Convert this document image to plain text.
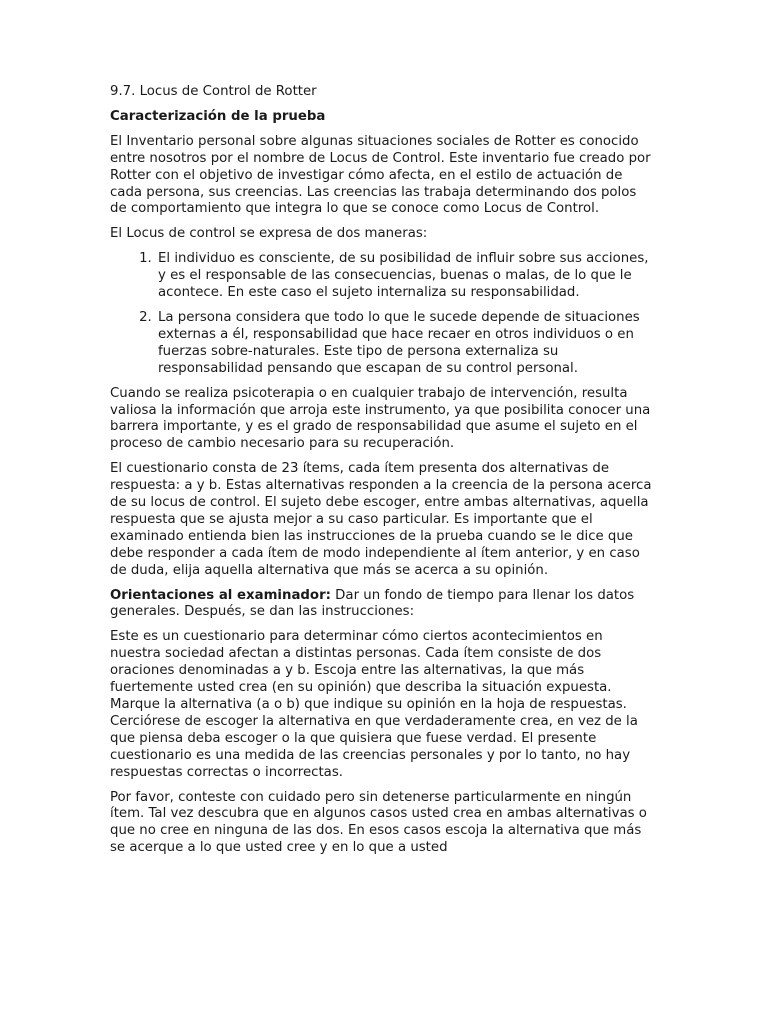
9.7. Locus de Control de Rotter
Caracterización de la prueba

El Inventario personal sobre algunas situaciones sociales de Rotter es conocido entre nosotros por el nombre de Locus de Control. Este inventario fue creado por Rotter con el objetivo de investigar cómo afecta, en el estilo de actuación de cada persona, sus creencias. Las creencias las trabaja determinando dos polos de comportamiento que integra lo que se conoce como Locus de Control.

El Locus de control se expresa de dos maneras:

1. El individuo es consciente, de su posibilidad de influir sobre sus acciones, y es el responsable de las consecuencias, buenas o malas, de lo que le acontece. En este caso el sujeto internaliza su responsabilidad.
2. La persona considera que todo lo que le sucede depende de situaciones externas a él, responsabilidad que hace recaer en otros individuos o en fuerzas sobre-naturales. Este tipo de persona externaliza su responsabilidad pensando que escapan de su control personal.

Cuando se realiza psicoterapia o en cualquier trabajo de intervención, resulta valiosa la información que arroja este instrumento, ya que posibilita conocer una barrera importante, y es el grado de responsabilidad que asume el sujeto en el proceso de cambio necesario para su recuperación.

El cuestionario consta de 23 ítems, cada ítem presenta dos alternativas de respuesta: a y b. Estas alternativas responden a la creencia de la persona acerca de su locus de control. El sujeto debe escoger, entre ambas alternativas, aquella respuesta que se ajusta mejor a su caso particular. Es importante que el examinado entienda bien las instrucciones de la prueba cuando se le dice que debe responder a cada ítem de modo independiente al ítem anterior, y en caso de duda, elija aquella alternativa que más se acerca a su opinión.

Orientaciones al examinador: Dar un fondo de tiempo para llenar los datos generales. Después, se dan las instrucciones:

Este es un cuestionario para determinar cómo ciertos acontecimientos en nuestra sociedad afectan a distintas personas. Cada ítem consiste de dos oraciones denominadas a y b. Escoja entre las alternativas, la que más fuertemente usted crea (en su opinión) que describa la situación expuesta. Marque la alternativa (a o b) que indique su opinión en la hoja de respuestas. Cerciórese de escoger la alternativa en que verdaderamente crea, en vez de la que piensa deba escoger o la que quisiera que fuese verdad. El presente cuestionario es una medida de las creencias personales y por lo tanto, no hay respuestas correctas o incorrectas.

Por favor, conteste con cuidado pero sin detenerse particularmente en ningún ítem. Tal vez descubra que en algunos casos usted crea en ambas alternativas o que no cree en ninguna de las dos. En esos casos escoja la alternativa que más se acerque a lo que usted cree y en lo que a usted
